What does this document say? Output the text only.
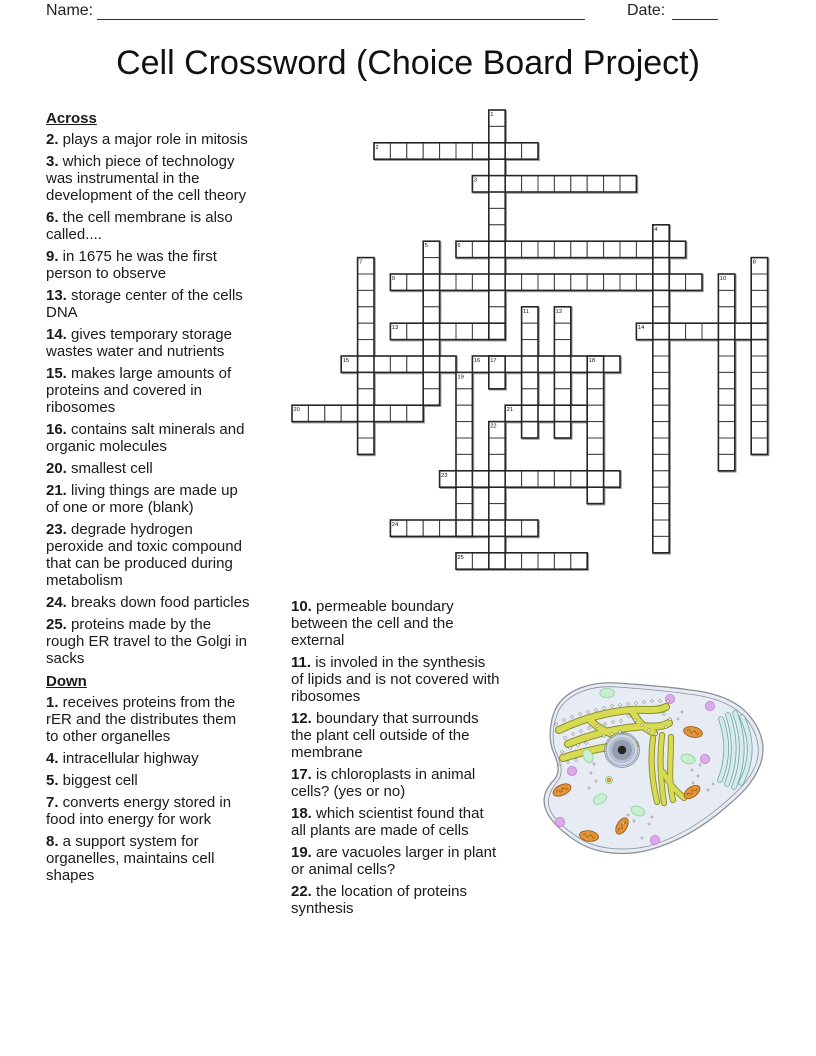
Name:	Date:
Cell Crossword (Choice Board Project)

Across

2. plays a major role in mitosis

3. which piece of technology was instrumental in the development of the cell theory

6. the cell membrane is also called....

9. in 1675 he was the first person to observe

13. storage center of the cells DNA

14. gives temporary storage wastes water and nutrients

15. makes large amounts of proteins and covered in ribosomes

16. contains salt minerals and organic molecules

20. smallest cell

21. living things are made up of one or more (blank)

23. degrade hydrogen peroxide and toxic compound that can be produced during metabolism

24. breaks down food particles

25. proteins made by the rough ER travel to the Golgi in sacks

Down

1. receives proteins from the rER and the distributes them to other organelles

4. intracellular highway

5. biggest cell

7. converts energy stored in food into energy for work

8. a support system for organelles, maintains cell shapes

10. permeable boundary between the cell and the external

11. is involed in the synthesis of lipids and is not covered with ribosomes

12. boundary that surrounds the plant cell outside of the membrane

17. is chloroplasts in animal cells? (yes or no)

18. which scientist found that all plants are made of cells

19. are vacuoles larger in plant or animal cells?

22. the location of proteins synthesis

1
2
3
4
5	6
7	8
9	10
11	12
13	14
15	16 17	18
19
20	21
22
23
24
25
